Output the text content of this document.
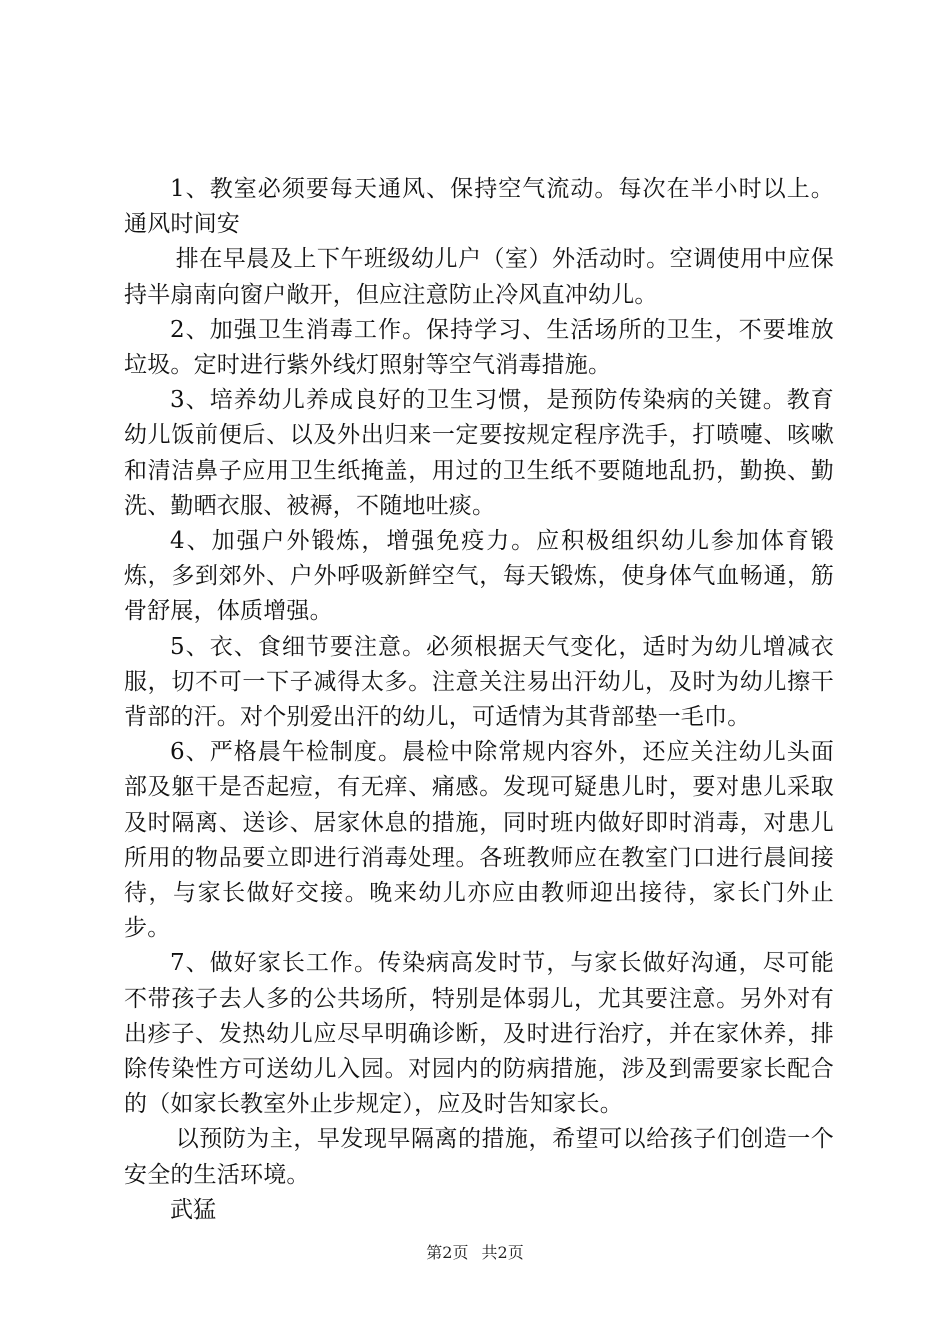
1、教室必须要每天通风、保持空气流动。每次在半小时以上。通风时间安

排在早晨及上下午班级幼儿户（室）外活动时。空调使用中应保持半扇南向窗户敞开，但应注意防止冷风直冲幼儿。

2、加强卫生消毒工作。保持学习、生活场所的卫生，不要堆放垃圾。定时进行紫外线灯照射等空气消毒措施。

3、培养幼儿养成良好的卫生习惯，是预防传染病的关键。教育幼儿饭前便后、以及外出归来一定要按规定程序洗手，打喷嚏、咳嗽和清洁鼻子应用卫生纸掩盖，用过的卫生纸不要随地乱扔，勤换、勤洗、勤晒衣服、被褥，不随地吐痰。

4、加强户外锻炼，增强免疫力。应积极组织幼儿参加体育锻炼，多到郊外、户外呼吸新鲜空气，每天锻炼，使身体气血畅通，筋骨舒展，体质增强。

5、衣、食细节要注意。必须根据天气变化，适时为幼儿增减衣服，切不可一下子减得太多。注意关注易出汗幼儿，及时为幼儿擦干背部的汗。对个别爱出汗的幼儿，可适情为其背部垫一毛巾。

6、严格晨午检制度。晨检中除常规内容外，还应关注幼儿头面部及躯干是否起痘，有无痒、痛感。发现可疑患儿时，要对患儿采取及时隔离、送诊、居家休息的措施，同时班内做好即时消毒，对患儿所用的物品要立即进行消毒处理。各班教师应在教室门口进行晨间接待，与家长做好交接。晚来幼儿亦应由教师迎出接待，家长门外止步。

7、做好家长工作。传染病高发时节，与家长做好沟通，尽可能不带孩子去人多的公共场所，特别是体弱儿，尤其要注意。另外对有出疹子、发热幼儿应尽早明确诊断，及时进行治疗，并在家休养，排除传染性方可送幼儿入园。对园内的防病措施，涉及到需要家长配合的（如家长教室外止步规定），应及时告知家长。

以预防为主，早发现早隔离的措施，希望可以给孩子们创造一个安全的生活环境。

武猛

第2页 共2页
